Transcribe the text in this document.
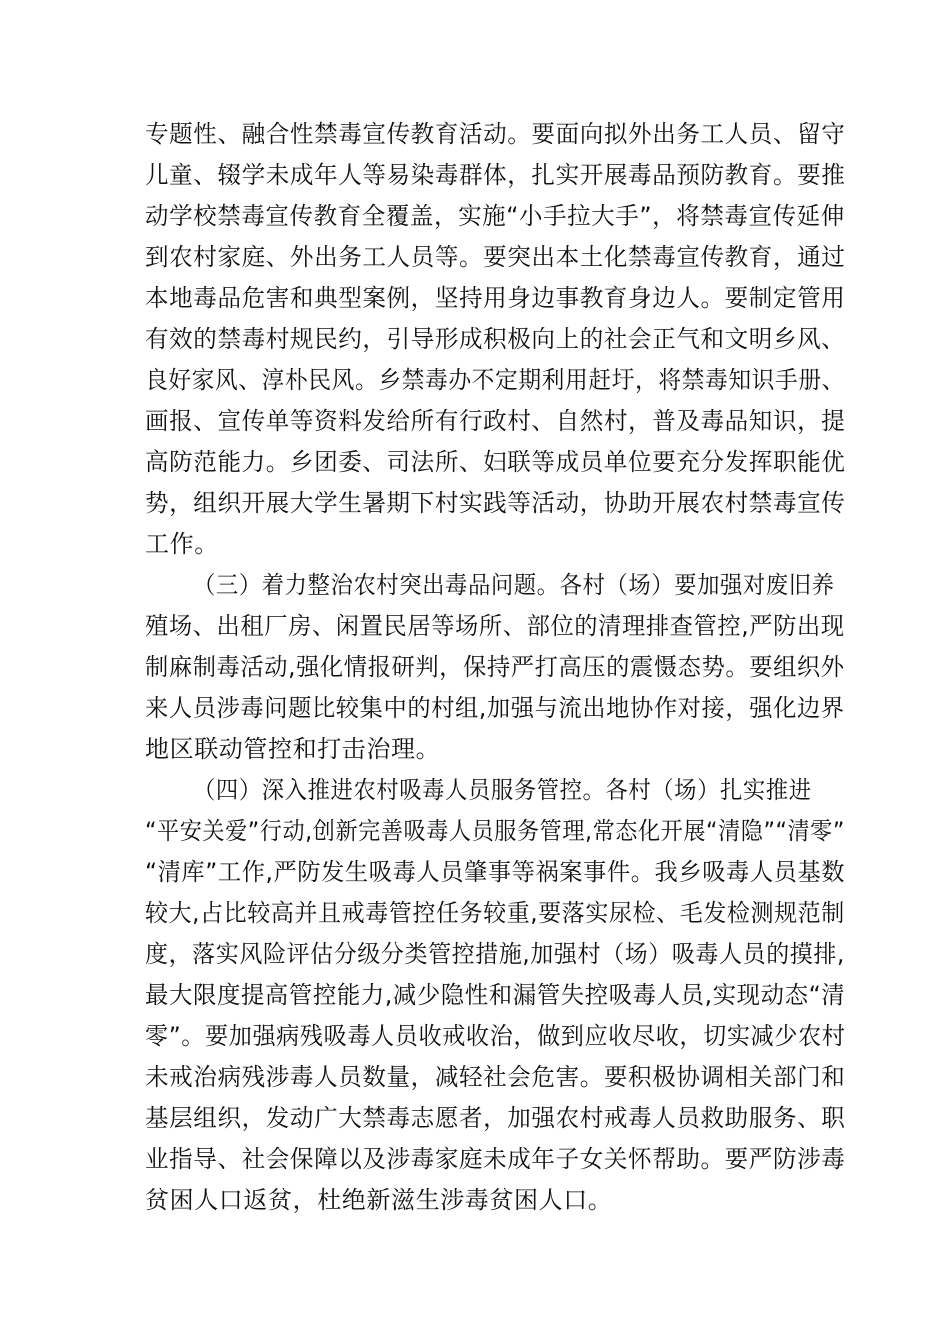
专题性、融合性禁毒宣传教育活动。要面向拟外出务工人员、留守
儿童、辍学未成年人等易染毒群体，扎实开展毒品预防教育。要推
动学校禁毒宣传教育全覆盖，实施“小手拉大手”，将禁毒宣传延伸
到农村家庭、外出务工人员等。要突出本土化禁毒宣传教育，通过
本地毒品危害和典型案例，坚持用身边事教育身边人。要制定管用
有效的禁毒村规民约，引导形成积极向上的社会正气和文明乡风、
良好家风、淳朴民风。乡禁毒办不定期利用赶圩，将禁毒知识手册、
画报、宣传单等资料发给所有行政村、自然村，普及毒品知识，提
高防范能力。乡团委、司法所、妇联等成员单位要充分发挥职能优
势，组织开展大学生暑期下村实践等活动，协助开展农村禁毒宣传
工作。
（三）着力整治农村突出毒品问题。各村（场）要加强对废旧养
殖场、出租厂房、闲置民居等场所、部位的清理排查管控,严防出现
制麻制毒活动,强化情报研判，保持严打高压的震慑态势。要组织外
来人员涉毒问题比较集中的村组,加强与流出地协作对接，强化边界
地区联动管控和打击治理。
（四）深入推进农村吸毒人员服务管控。各村（场）扎实推进
“平安关爱”行动,创新完善吸毒人员服务管理,常态化开展“清隐”“清零”
“清库”工作,严防发生吸毒人员肇事等祸案事件。我乡吸毒人员基数
较大,占比较高并且戒毒管控任务较重,要落实尿检、毛发检测规范制
度，落实风险评估分级分类管控措施,加强村（场）吸毒人员的摸排,
最大限度提高管控能力,减少隐性和漏管失控吸毒人员,实现动态“清
零”。要加强病残吸毒人员收戒收治，做到应收尽收，切实减少农村
未戒治病残涉毒人员数量，减轻社会危害。要积极协调相关部门和
基层组织，发动广大禁毒志愿者，加强农村戒毒人员救助服务、职
业指导、社会保障以及涉毒家庭未成年子女关怀帮助。要严防涉毒
贫困人口返贫，杜绝新滋生涉毒贫困人口。
